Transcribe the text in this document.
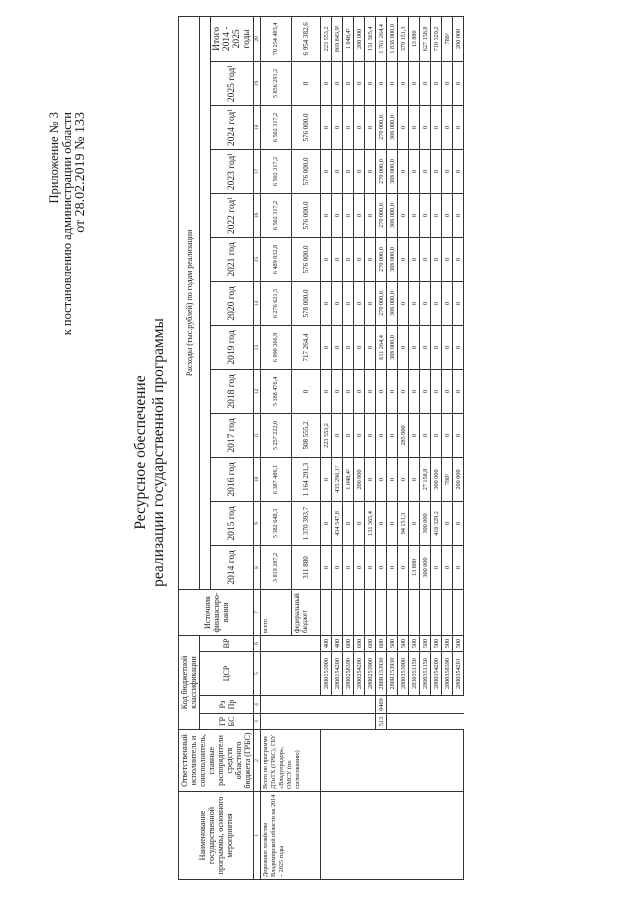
Приложение № 3 к постановлению администрации области от 28.02.2019 № 133
Ресурсное обеспечение реализации государственной программы
Наименование государственной программы, основного мероприятия	Ответственный исполнитель и соисполнитель, главные распорядители средств областного бюджета (ГРБС)	Код бюджетной классификации				Источник финансиро-вания	Расходы (тыс.рублей) по годам реализации												
		ГР БС	Рз Пр	ЦСР	ВР														
							2014 год	2015 год	2016 год	2017 год	2018 год	2019 год	2020 год	2021 год	2022 год¹	2023 год¹	2024 год¹	2025 год¹	Итого 2014 - 2025 годы
1	2	3	4	5	6	7	8	9	10	11	12	13	14	15	16	17	18	19	20
Дорожное хозяйство Владимирской области на 2014 – 2025 годы	Всего по программе ДТиТХ (ГРБС), ГБУ «Владупрадор», ОМСУ (по согласованию)					всего	3 819 287,2	5 382 648,3	6 387 486,1	5 257 222,0	5 188 476,4	6 090 366,9	6 276 621,5	6 489 032,8	6 502 317,2	6 502 317,2	6 502 317,2	5 856 291,2	70 254 483,4
						федеральный бюджет	311 880	1 370 393,7	1 164 291,3	508 555,2	0	717 264,4	578 000,0	576 000,0	576 000,0	576 000,0	576 000,0	0	6 954 382,6
				2800153900	400		0	0	0	223 553,2	0	0	0	0	0	0	0	0	223 553,2
				2800154200	400		0	434 547,8	435 296,1²	0	0	0	0	0	0	0	0	0	869 843,9²
				2800258390	600		0	0	1 048,4²	0	0	0	0	0	0	0	0	0	1 048,4²
				2800254200	600		0	0	200 000	0	0	0	0	0	0	0	0	0	200 000
				2800253900	600		0	131 365,4	0	0	0	0	0	0	0	0	0	0	131 365,4
		513	0409	280R153930	600		0	0	0	0	0	611 264,4	270 000,0	270 000,0	270 000,0	270 000,0	270 000,0	0	1 761 264,4
				280R153930	500		0	0	0	0	0	306 000,0	306 000,0	306 000,0	306 000,0	306 000,0	306 000,0	0	1 836 000,0
				2800353900	500		0	94 151,3	0	285 000	0	0	0	0	0	0	0	0	379 151,3
				2830351150	500		13 880	0	0	0	0	0	0	0	0	0	0	0	13 880
				2800351150	500		300 000	300 000	27 158,8	0	0	0	0	0	0	0	0	0	627 158,8
				2800354200	500		0	410 329,2	300 000	0	0	0	0	0	0	0	0	0	710 329,2
				2800358390	500		0	0	788²	0	0	0	0	0	0	0	0	0	788²
				2800354201	500		0	0	200 000	0	0	0	0	0	0	0	0	0	200 000
